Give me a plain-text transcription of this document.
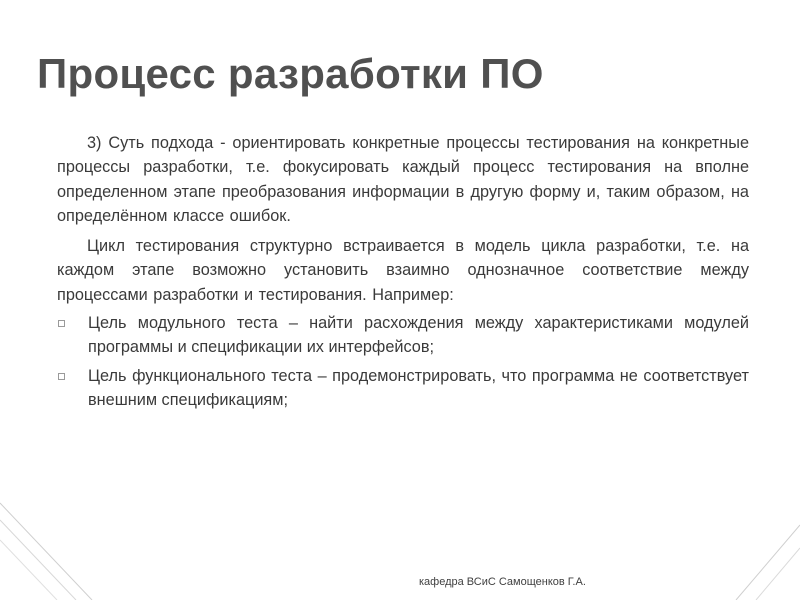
Процесс разработки ПО

3) Суть подхода - ориентировать конкретные процессы тестирования на конкретные процессы разработки, т.е. фокусировать каждый процесс тестирования на вполне определенном этапе преобразования информации в другую форму и, таким образом, на определённом классе ошибок.

Цикл тестирования структурно встраивается в модель цикла разработки, т.е. на каждом этапе возможно установить взаимно однозначное соответствие между процессами разработки и тестирования. Например:

Цель модульного теста – найти расхождения между характеристиками модулей программы и спецификации их интерфейсов;
Цель функционального теста – продемонстрировать, что программа не соответствует внешним спецификациям;
кафедра ВСиС Самощенков Г.А.
